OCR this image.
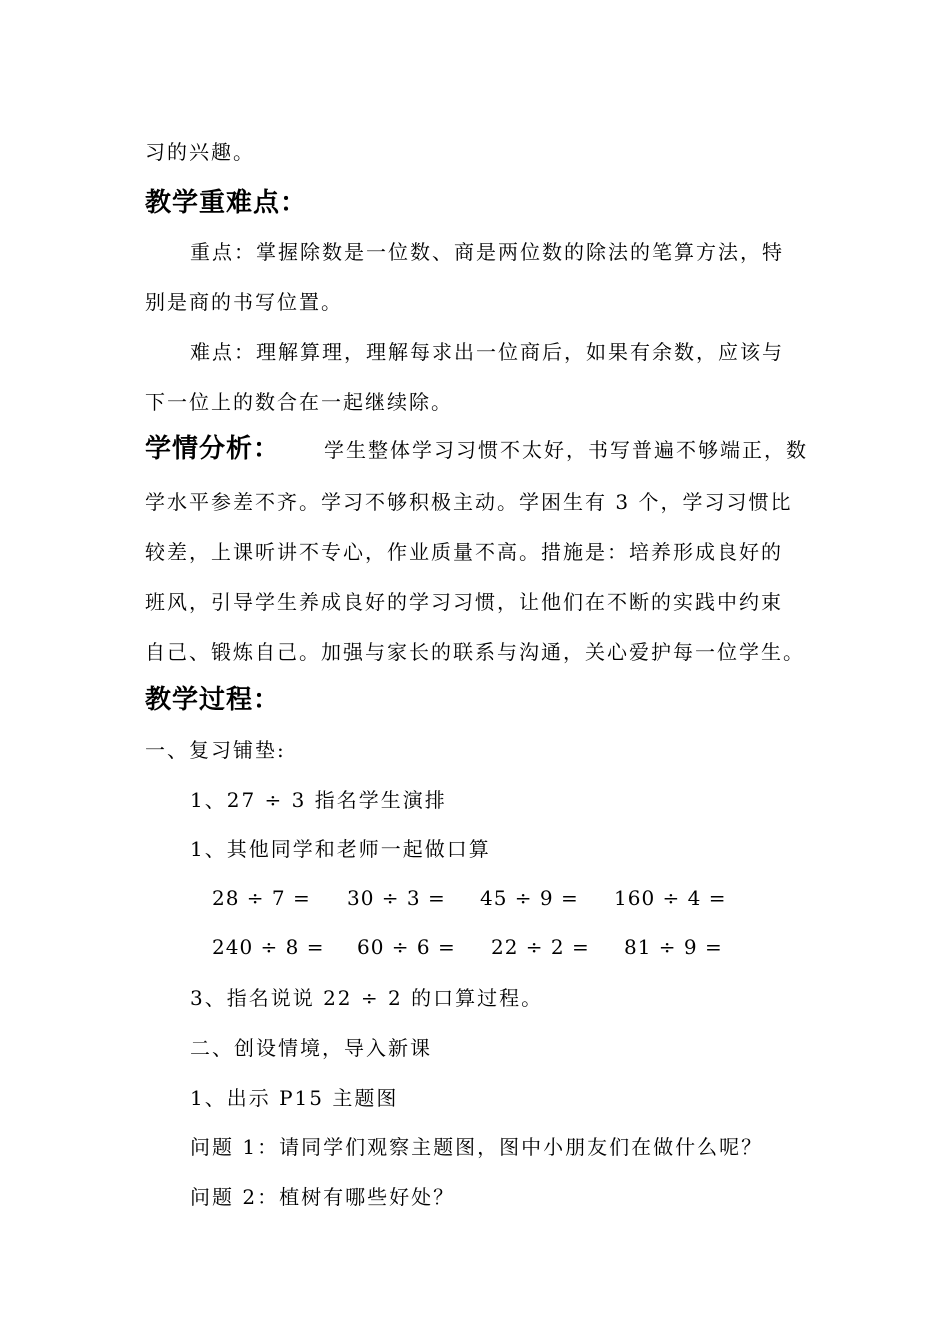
习的兴趣。
教学重难点：
重点：掌握除数是一位数、商是两位数的除法的笔算方法，特
别是商的书写位置。
难点：理解算理，理解每求出一位商后，如果有余数，应该与
下一位上的数合在一起继续除。
学情分析： 学生整体学习习惯不太好，书写普遍不够端正，数
学水平参差不齐。学习不够积极主动。学困生有 3 个，学习习惯比
较差，上课听讲不专心，作业质量不高。措施是：培养形成良好的
班风，引导学生养成良好的学习习惯，让他们在不断的实践中约束
自己、锻炼自己。加强与家长的联系与沟通，关心爱护每一位学生。
教学过程：
一、复习铺垫:
1、27 ÷ 3 指名学生演排
1、其他同学和老师一起做口算
28 ÷ 7 = 30 ÷ 3 = 45 ÷ 9 = 160 ÷ 4 =
240 ÷ 8 = 60 ÷ 6 = 22 ÷ 2 = 81 ÷ 9 =
3、指名说说 22 ÷ 2 的口算过程。
二、创设情境，导入新课
1、出示 P15 主题图
问题 1：请同学们观察主题图，图中小朋友们在做什么呢？
问题 2：植树有哪些好处？
